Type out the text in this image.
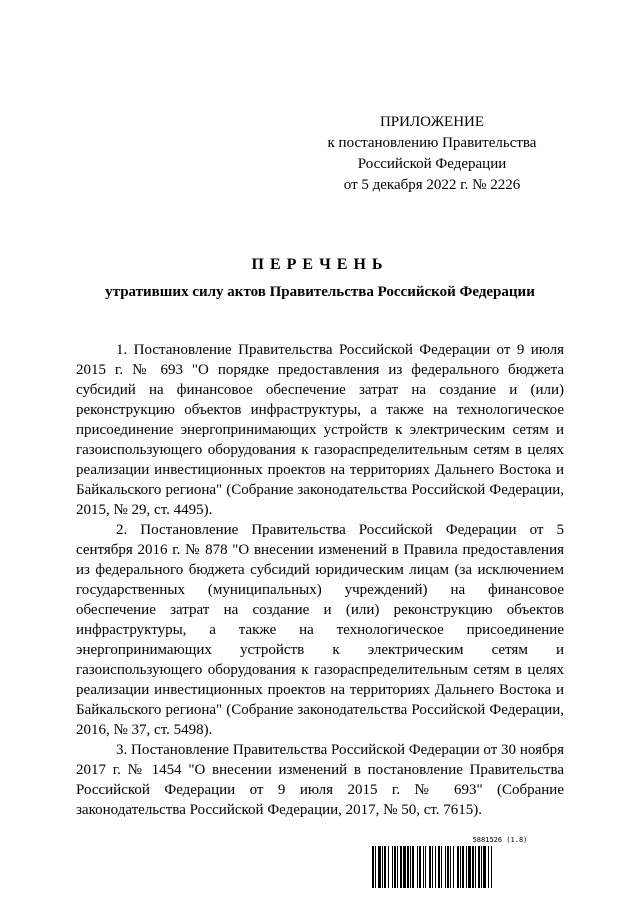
ПРИЛОЖЕНИЕ
к постановлению Правительства
Российской Федерации
от 5 декабря 2022 г. № 2226
ПЕРЕЧЕНЬ
утративших силу актов Правительства Российской Федерации

1. Постановление Правительства Российской Федерации от 9 июля 2015 г. № 693 "О порядке предоставления из федерального бюджета субсидий на финансовое обеспечение затрат на создание и (или) реконструкцию объектов инфраструктуры, а также на технологическое присоединение энергопринимающих устройств к электрическим сетям и газоиспользующего оборудования к газораспределительным сетям в целях реализации инвестиционных проектов на территориях Дальнего Востока и Байкальского региона" (Собрание законодательства Российской Федерации, 2015, № 29, ст. 4495).

2. Постановление Правительства Российской Федерации от 5 сентября 2016 г. № 878 "О внесении изменений в Правила предоставления из федерального бюджета субсидий юридическим лицам (за исключением государственных (муниципальных) учреждений) на финансовое обеспечение затрат на создание и (или) реконструкцию объектов инфраструктуры, а также на технологическое присоединение энергопринимающих устройств к электрическим сетям и газоиспользующего оборудования к газораспределительным сетям в целях реализации инвестиционных проектов на территориях Дальнего Востока и Байкальского региона" (Собрание законодательства Российской Федерации, 2016, № 37, ст. 5498).

3. Постановление Правительства Российской Федерации от 30 ноября 2017 г. № 1454 "О внесении изменений в постановление Правительства Российской Федерации от 9 июля 2015 г. № 693" (Собрание законодательства Российской Федерации, 2017, № 50, ст. 7615).

5881526 (1.8)
